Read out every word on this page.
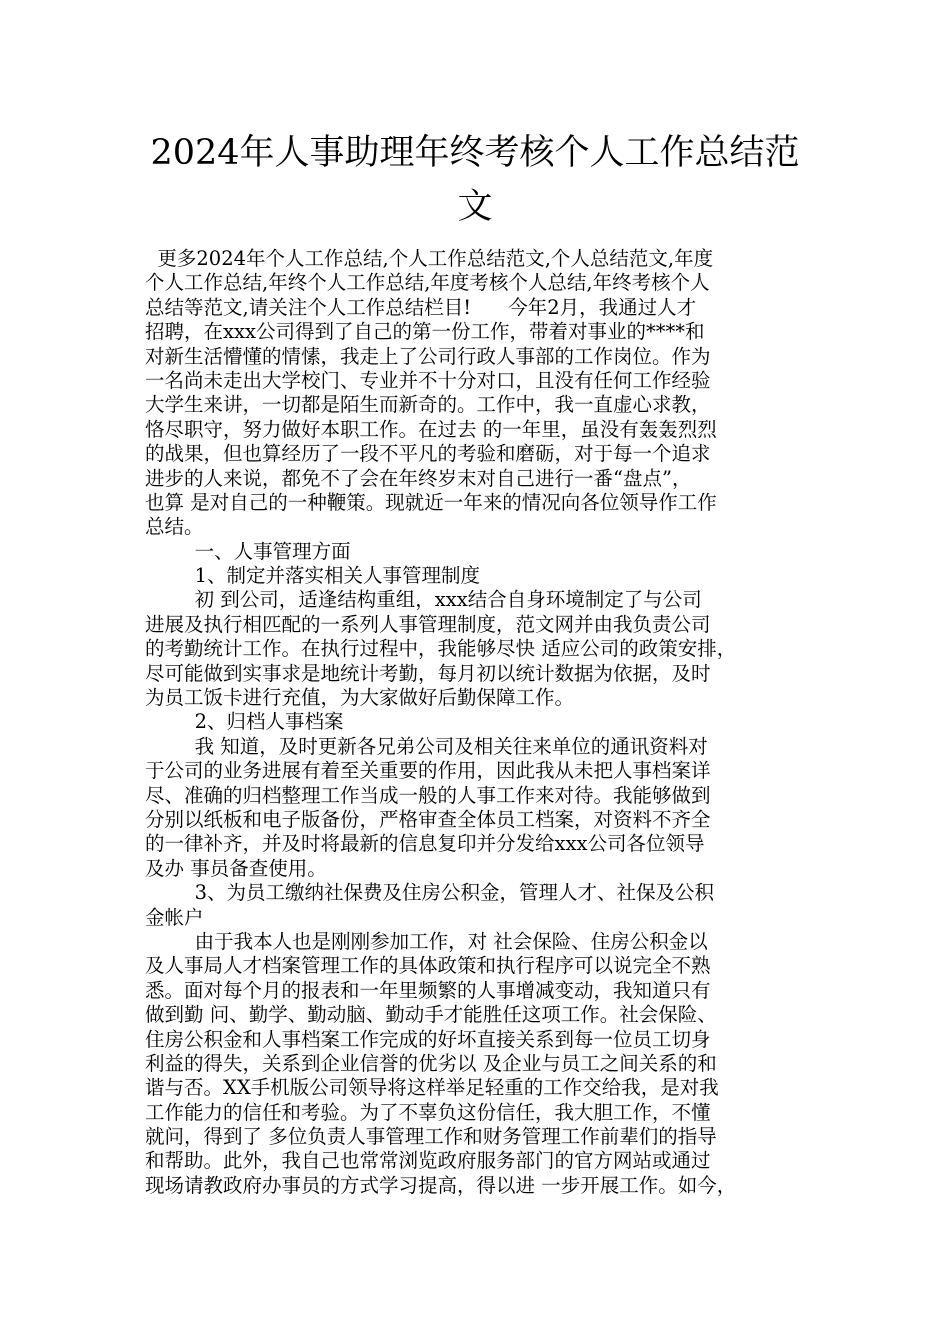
2024年人事助理年终考核个人工作总结范
文
更多2024年个人工作总结,个人工作总结范文,个人总结范文,年度
个人工作总结,年终个人工作总结,年度考核个人总结,年终考核个人
总结等范文,请关注个人工作总结栏目!      今年2月，我通过人才
招聘，在xxx公司得到了自己的第一份工作，带着对事业的****和
对新生活懵懂的情愫，我走上了公司行政人事部的工作岗位。作为
一名尚未走出大学校门、专业并不十分对口，且没有任何工作经验
大学生来讲，一切都是陌生而新奇的。工作中，我一直虚心求教，
恪尽职守，努力做好本职工作。在过去 的一年里，虽没有轰轰烈烈
的战果，但也算经历了一段不平凡的考验和磨砺，对于每一个追求
进步的人来说，都免不了会在年终岁末对自己进行一番“盘点”，
也算 是对自己的一种鞭策。现就近一年来的情况向各位领导作工作
总结。
一、人事管理方面
1、制定并落实相关人事管理制度
初 到公司，适逢结构重组，xxx结合自身环境制定了与公司
进展及执行相匹配的一系列人事管理制度，范文网并由我负责公司
的考勤统计工作。在执行过程中，我能够尽快 适应公司的政策安排，
尽可能做到实事求是地统计考勤，每月初以统计数据为依据，及时
为员工饭卡进行充值，为大家做好后勤保障工作。
2、归档人事档案
我 知道，及时更新各兄弟公司及相关往来单位的通讯资料对
于公司的业务进展有着至关重要的作用，因此我从未把人事档案详
尽、准确的归档整理工作当成一般的人事工作来对待。我能够做到
分别以纸板和电子版备份，严格审查全体员工档案，对资料不齐全
的一律补齐，并及时将最新的信息复印并分发给xxx公司各位领导
及办 事员备查使用。
3、为员工缴纳社保费及住房公积金，管理人才、社保及公积
金帐户
由于我本人也是刚刚参加工作，对 社会保险、住房公积金以
及人事局人才档案管理工作的具体政策和执行程序可以说完全不熟
悉。面对每个月的报表和一年里频繁的人事增减变动，我知道只有
做到勤 问、勤学、勤动脑、勤动手才能胜任这项工作。社会保险、
住房公积金和人事档案工作完成的好坏直接关系到每一位员工切身
利益的得失，关系到企业信誉的优劣以 及企业与员工之间关系的和
谐与否。XX手机版公司领导将这样举足轻重的工作交给我，是对我
工作能力的信任和考验。为了不辜负这份信任，我大胆工作，不懂
就问，得到了 多位负责人事管理工作和财务管理工作前辈们的指导
和帮助。此外，我自己也常常浏览政府服务部门的官方网站或通过
现场请教政府办事员的方式学习提高，得以进 一步开展工作。如今，
